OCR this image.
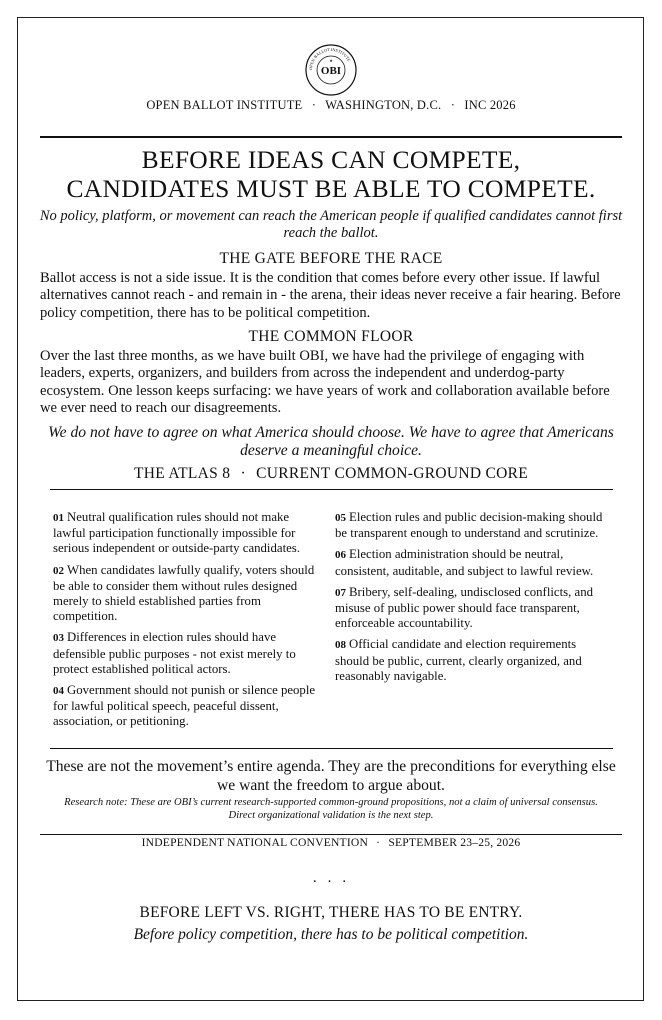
OPEN BALLOT INSTITUTE
OBI
★
OPEN BALLOT INSTITUTE · WASHINGTON, D.C. · INC 2026
BEFORE IDEAS CAN COMPETE,
CANDIDATES MUST BE ABLE TO COMPETE.
No policy, platform, or movement can reach the American people if qualified candidates cannot first reach the ballot.
THE GATE BEFORE THE RACE
Ballot access is not a side issue. It is the condition that comes before every other issue. If lawful alternatives cannot reach - and remain in - the arena, their ideas never receive a fair hearing. Before policy competition, there has to be political competition.
THE COMMON FLOOR
Over the last three months, as we have built OBI, we have had the privilege of engaging with leaders, experts, organizers, and builders from across the independent and underdog-party ecosystem. One lesson keeps surfacing: we have years of work and collaboration available before we ever need to reach our disagreements.
We do not have to agree on what America should choose. We have to agree that Americans deserve a meaningful choice.
THE ATLAS 8 · CURRENT COMMON-GROUND CORE
01 Neutral qualification rules should not make lawful participation functionally impossible for serious independent or outside-party candidates.
02 When candidates lawfully qualify, voters should be able to consider them without rules designed merely to shield established parties from competition.
03 Differences in election rules should have defensible public purposes - not exist merely to protect established political actors.
04 Government should not punish or silence people for lawful political speech, peaceful dissent, association, or petitioning.
05 Election rules and public decision-making should be transparent enough to understand and scrutinize.
06 Election administration should be neutral, consistent, auditable, and subject to lawful review.
07 Bribery, self-dealing, undisclosed conflicts, and misuse of public power should face transparent, enforceable accountability.
08 Official candidate and election requirements should be public, current, clearly organized, and reasonably navigable.
These are not the movement’s entire agenda. They are the preconditions for everything else we want the freedom to argue about.
Research note: These are OBI’s current research-supported common-ground propositions, not a claim of universal consensus. Direct organizational validation is the next step.
INDEPENDENT NATIONAL CONVENTION · SEPTEMBER 23–25, 2026
· · ·
BEFORE LEFT VS. RIGHT, THERE HAS TO BE ENTRY.
Before policy competition, there has to be political competition.
